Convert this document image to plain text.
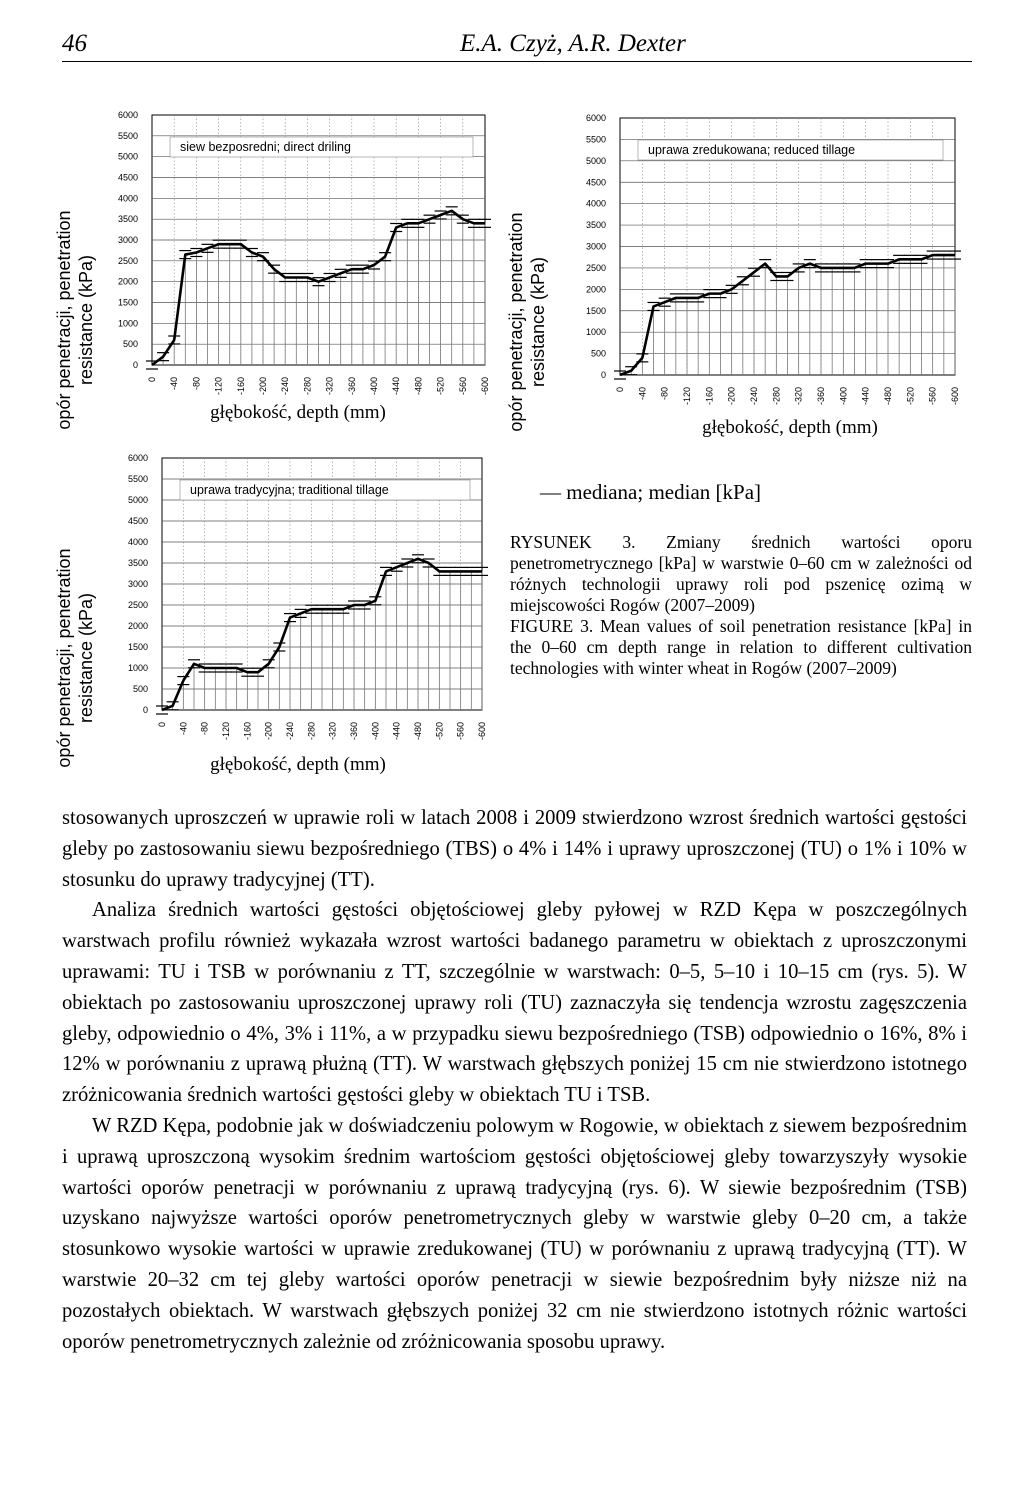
46	E.A. Czyż, A.R. Dexter
opór penetracji, penetration resistance (kPa)	0
500
1000
1500
2000
2500
3000
3500
4000
4500
5000
5500
6000
0 -40 -80 -120 -160 -200 -240 -280 -320 -360 -400 -440 -480 -520 -560 -600
siew bezposredni; direct driling
głębokość, depth (mm)	opór penetracji, penetration resistance (kPa)	0
500
1000
1500
2000
2500
3000
3500
4000
4500
5000
5500
6000
0 -40 -80 -120 -160 -200 -240 -280 -320 -360 -400 -440 -480 -520 -560 -600
uprawa zredukowana; reduced tillage
głębokość, depth (mm)
opór penetracji, penetration resistance (kPa)	0
500
1000
1500
2000
2500
3000
3500
4000
4500
5000
5500
6000
0 -40 -80 -120 -160 -200 -240 -280 -320 -360 -400 -440 -480 -520 -560 -600
uprawa tradycyjna; traditional tillage
głębokość, depth (mm)
— mediana; median [kPa]

RYSUNEK 3. Zmiany średnich wartości oporu penetrometrycznego [kPa] w warstwie 0–60 cm w zależności od różnych technologii uprawy roli pod pszenicę ozimą w miejscowości Rogów (2007–2009)

FIGURE 3. Mean values of soil penetration resistance [kPa] in the 0–60 cm depth range in relation to different cultivation technologies with winter wheat in Rogów (2007–2009)

stosowanych uproszczeń w uprawie roli w latach 2008 i 2009 stwierdzono wzrost średnich wartości gęstości gleby po zastosowaniu siewu bezpośredniego (TBS) o 4% i 14% i uprawy uproszczonej (TU) o 1% i 10% w stosunku do uprawy tradycyjnej (TT).

Analiza średnich wartości gęstości objętościowej gleby pyłowej w RZD Kępa w poszczególnych warstwach profilu również wykazała wzrost wartości badanego parametru w obiektach z uproszczonymi uprawami: TU i TSB w porównaniu z TT, szczególnie w warstwach: 0–5, 5–10 i 10–15 cm (rys. 5). W obiektach po zastosowaniu uproszczonej uprawy roli (TU) zaznaczyła się tendencja wzrostu zagęszczenia gleby, odpowiednio o 4%, 3% i 11%, a w przypadku siewu bezpośredniego (TSB) odpowiednio o 16%, 8% i 12% w porównaniu z uprawą płużną (TT). W warstwach głębszych poniżej 15 cm nie stwierdzono istotnego zróżnicowania średnich wartości gęstości gleby w obiektach TU i TSB.

W RZD Kępa, podobnie jak w doświadczeniu polowym w Rogowie, w obiektach z siewem bezpośrednim i uprawą uproszczoną wysokim średnim wartościom gęstości objętościowej gleby towarzyszyły wysokie wartości oporów penetracji w porównaniu z uprawą tradycyjną (rys. 6). W siewie bezpośrednim (TSB) uzyskano najwyższe wartości oporów penetrometrycznych gleby w warstwie gleby 0–20 cm, a także stosunkowo wysokie wartości w uprawie zredukowanej (TU) w porównaniu z uprawą tradycyjną (TT). W warstwie 20–32 cm tej gleby wartości oporów penetracji w siewie bezpośrednim były niższe niż na pozostałych obiektach. W warstwach głębszych poniżej 32 cm nie stwierdzono istotnych różnic wartości oporów penetrometrycznych zależnie od zróżnicowania sposobu uprawy.
